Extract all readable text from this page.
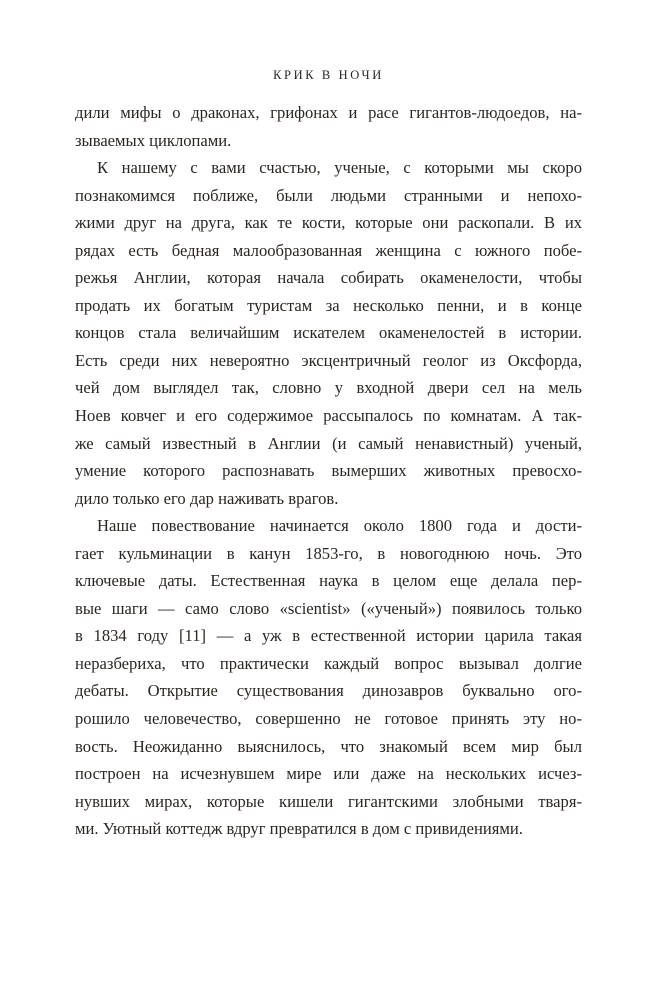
КРИК В НОЧИ
дили мифы о драконах, грифонах и расе гигантов-людоедов, на-
зываемых циклопами.
К нашему с вами счастью, ученые, с которыми мы скоро
познакомимся поближе, были людьми странными и непохо-
жими друг на друга, как те кости, которые они раскопали. В их
рядах есть бедная малообразованная женщина с южного побе-
режья Англии, которая начала собирать окаменелости, чтобы
продать их богатым туристам за несколько пенни, и в конце
концов стала величайшим искателем окаменелостей в истории.
Есть среди них невероятно эксцентричный геолог из Оксфорда,
чей дом выглядел так, словно у входной двери сел на мель
Ноев ковчег и его содержимое рассыпалось по комнатам. А так-
же самый известный в Англии (и самый ненавистный) ученый,
умение которого распознавать вымерших животных превосхо-
дило только его дар наживать врагов.
Наше повествование начинается около 1800 года и дости-
гает кульминации в канун 1853-го, в новогоднюю ночь. Это
ключевые даты. Естественная наука в целом еще делала пер-
вые шаги — само слово «scientist» («ученый») появилось только
в 1834 году [11] — а уж в естественной истории царила такая
неразбериха, что практически каждый вопрос вызывал долгие
дебаты. Открытие существования динозавров буквально ого-
рошило человечество, совершенно не готовое принять эту но-
вость. Неожиданно выяснилось, что знакомый всем мир был
построен на исчезнувшем мире или даже на нескольких исчез-
нувших мирах, которые кишели гигантскими злобными тваря-
ми. Уютный коттедж вдруг превратился в дом с привидениями.
